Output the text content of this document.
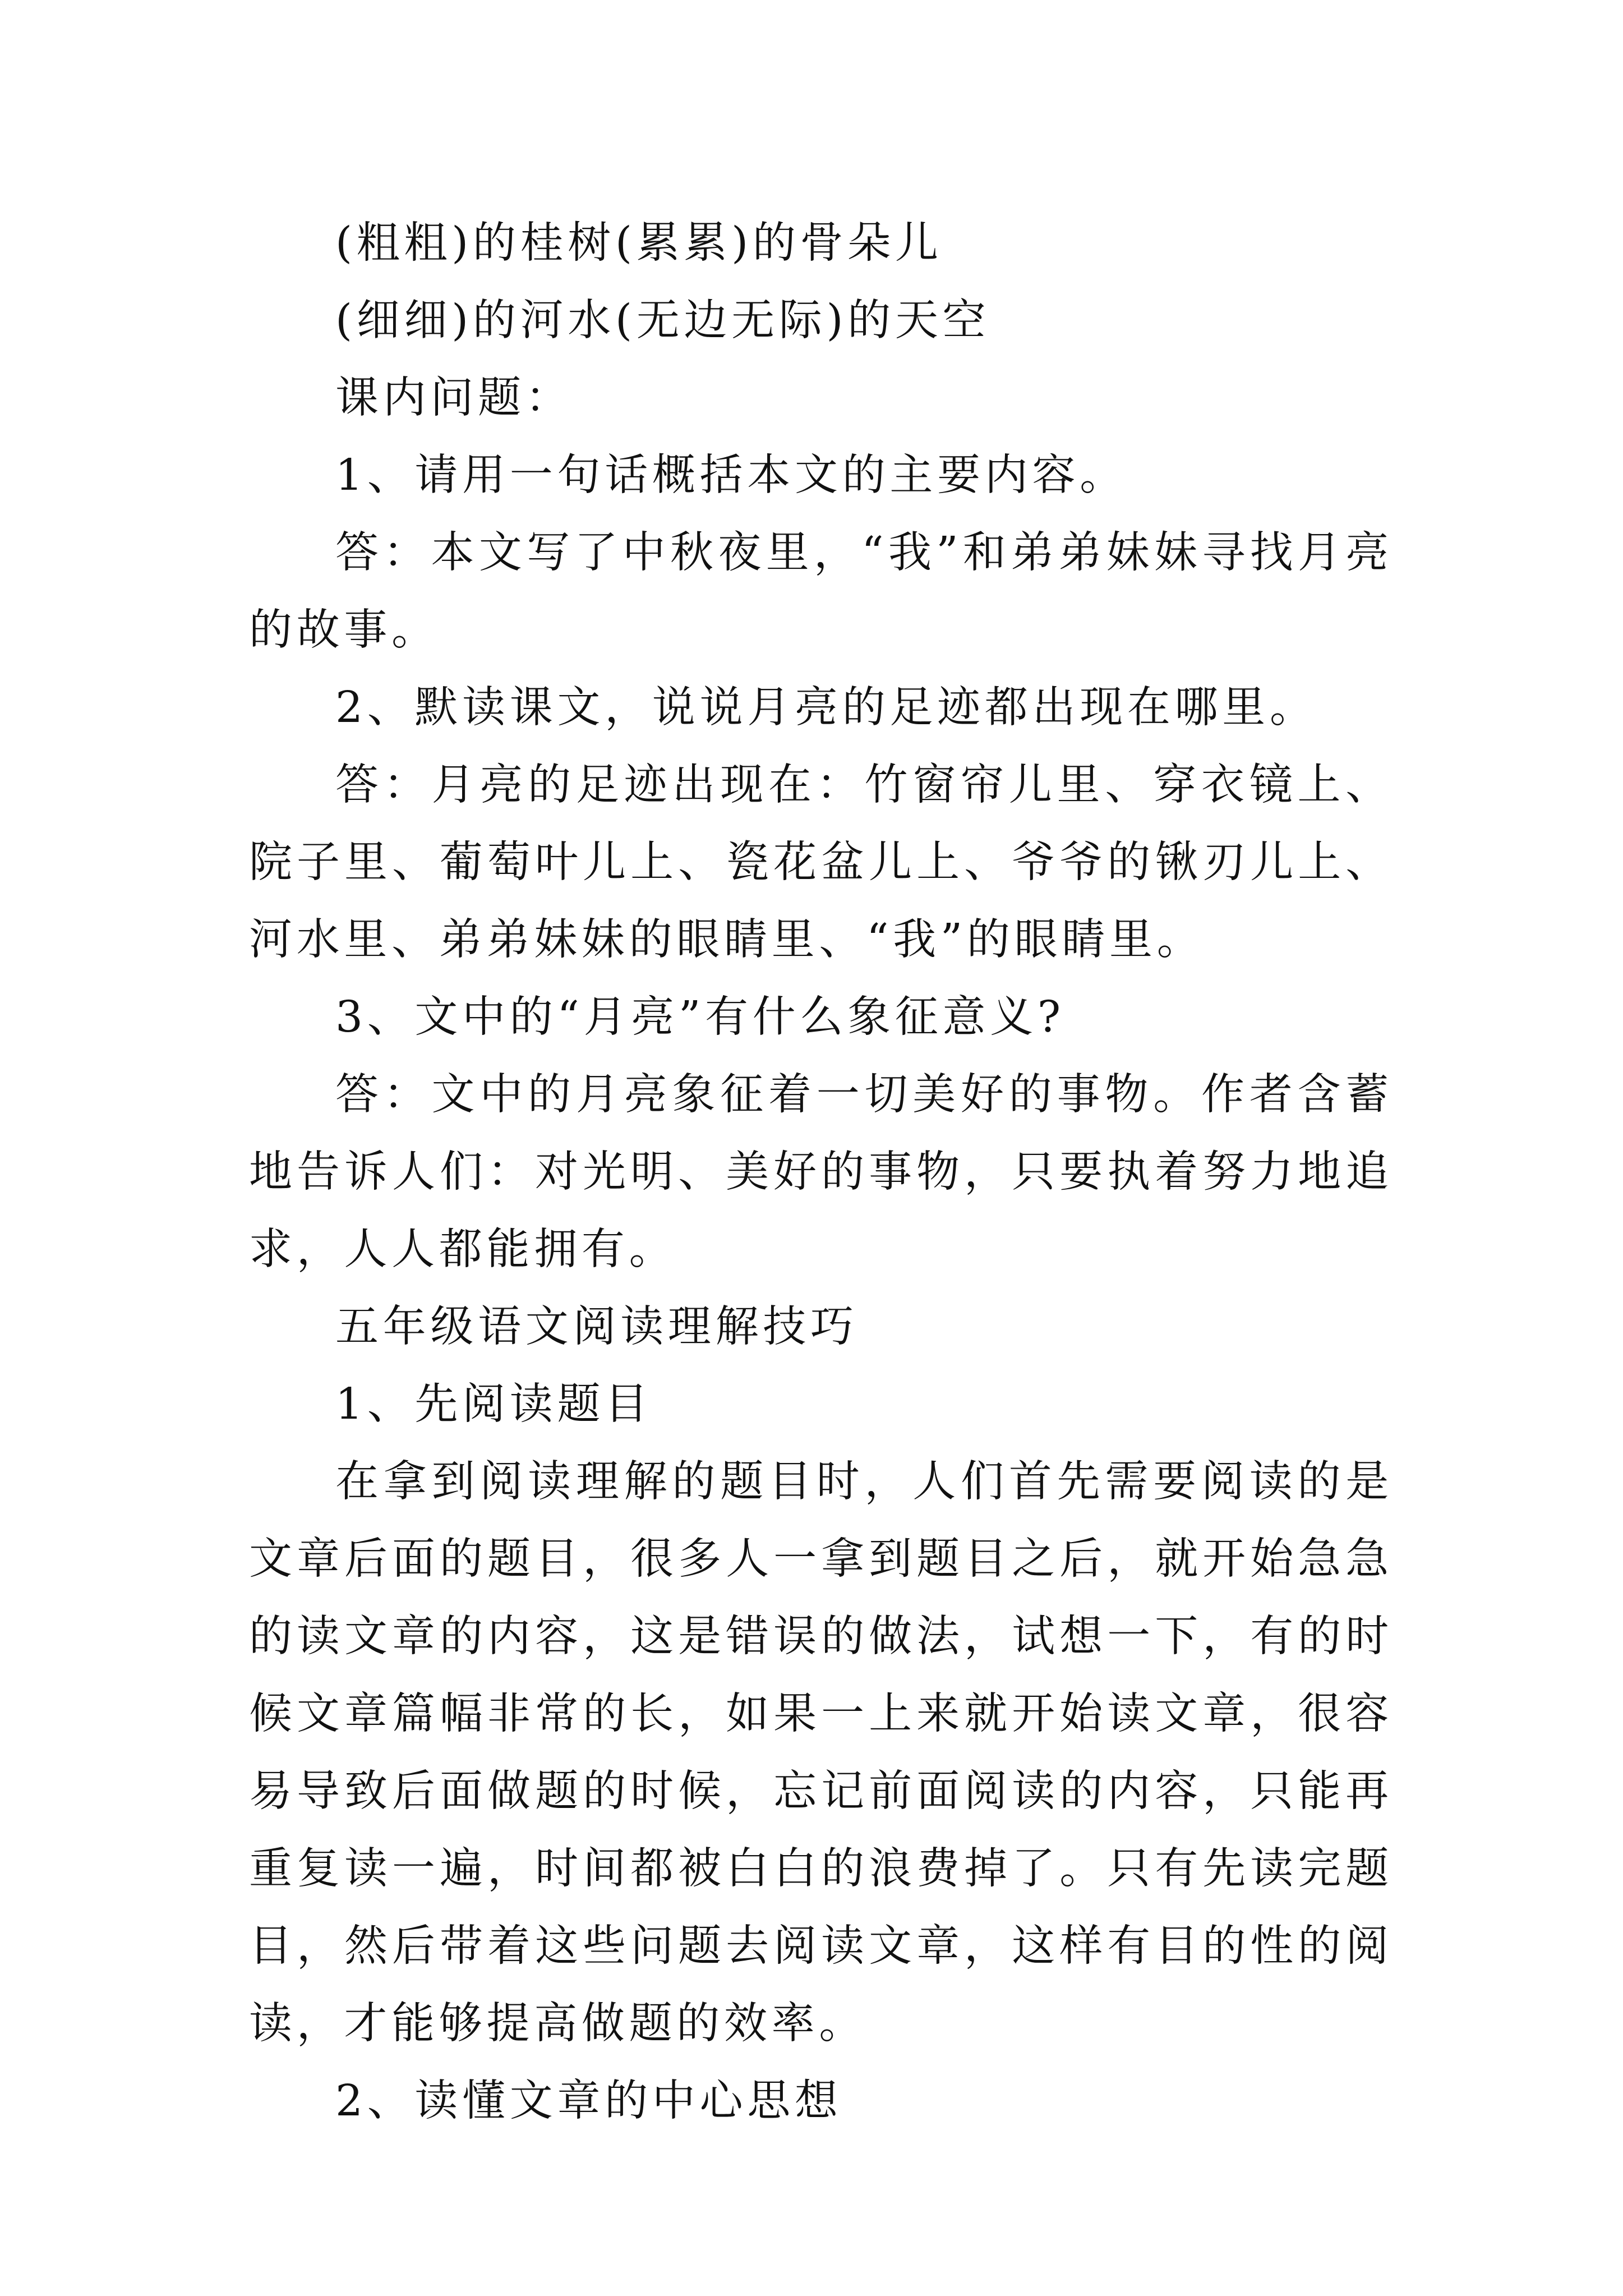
(粗粗)的桂树(累累)的骨朵儿

(细细)的河水(无边无际)的天空

课内问题：

1、请用一句话概括本文的主要内容。

答：本文写了中秋夜里，“我”和弟弟妹妹寻找月亮的故事。

2、默读课文，说说月亮的足迹都出现在哪里。

答：月亮的足迹出现在：竹窗帘儿里、穿衣镜上、院子里、葡萄叶儿上、瓷花盆儿上、爷爷的锹刃儿上、河水里、弟弟妹妹的眼睛里、“我”的眼睛里。

3、文中的“月亮”有什么象征意义?

答：文中的月亮象征着一切美好的事物。作者含蓄地告诉人们：对光明、美好的事物，只要执着努力地追求，人人都能拥有。

五年级语文阅读理解技巧

1、先阅读题目

在拿到阅读理解的题目时，人们首先需要阅读的是文章后面的题目，很多人一拿到题目之后，就开始急急的读文章的内容，这是错误的做法，试想一下，有的时候文章篇幅非常的长，如果一上来就开始读文章，很容易导致后面做题的时候，忘记前面阅读的内容，只能再重复读一遍，时间都被白白的浪费掉了。只有先读完题目，然后带着这些问题去阅读文章，这样有目的性的阅读，才能够提高做题的效率。

2、读懂文章的中心思想
